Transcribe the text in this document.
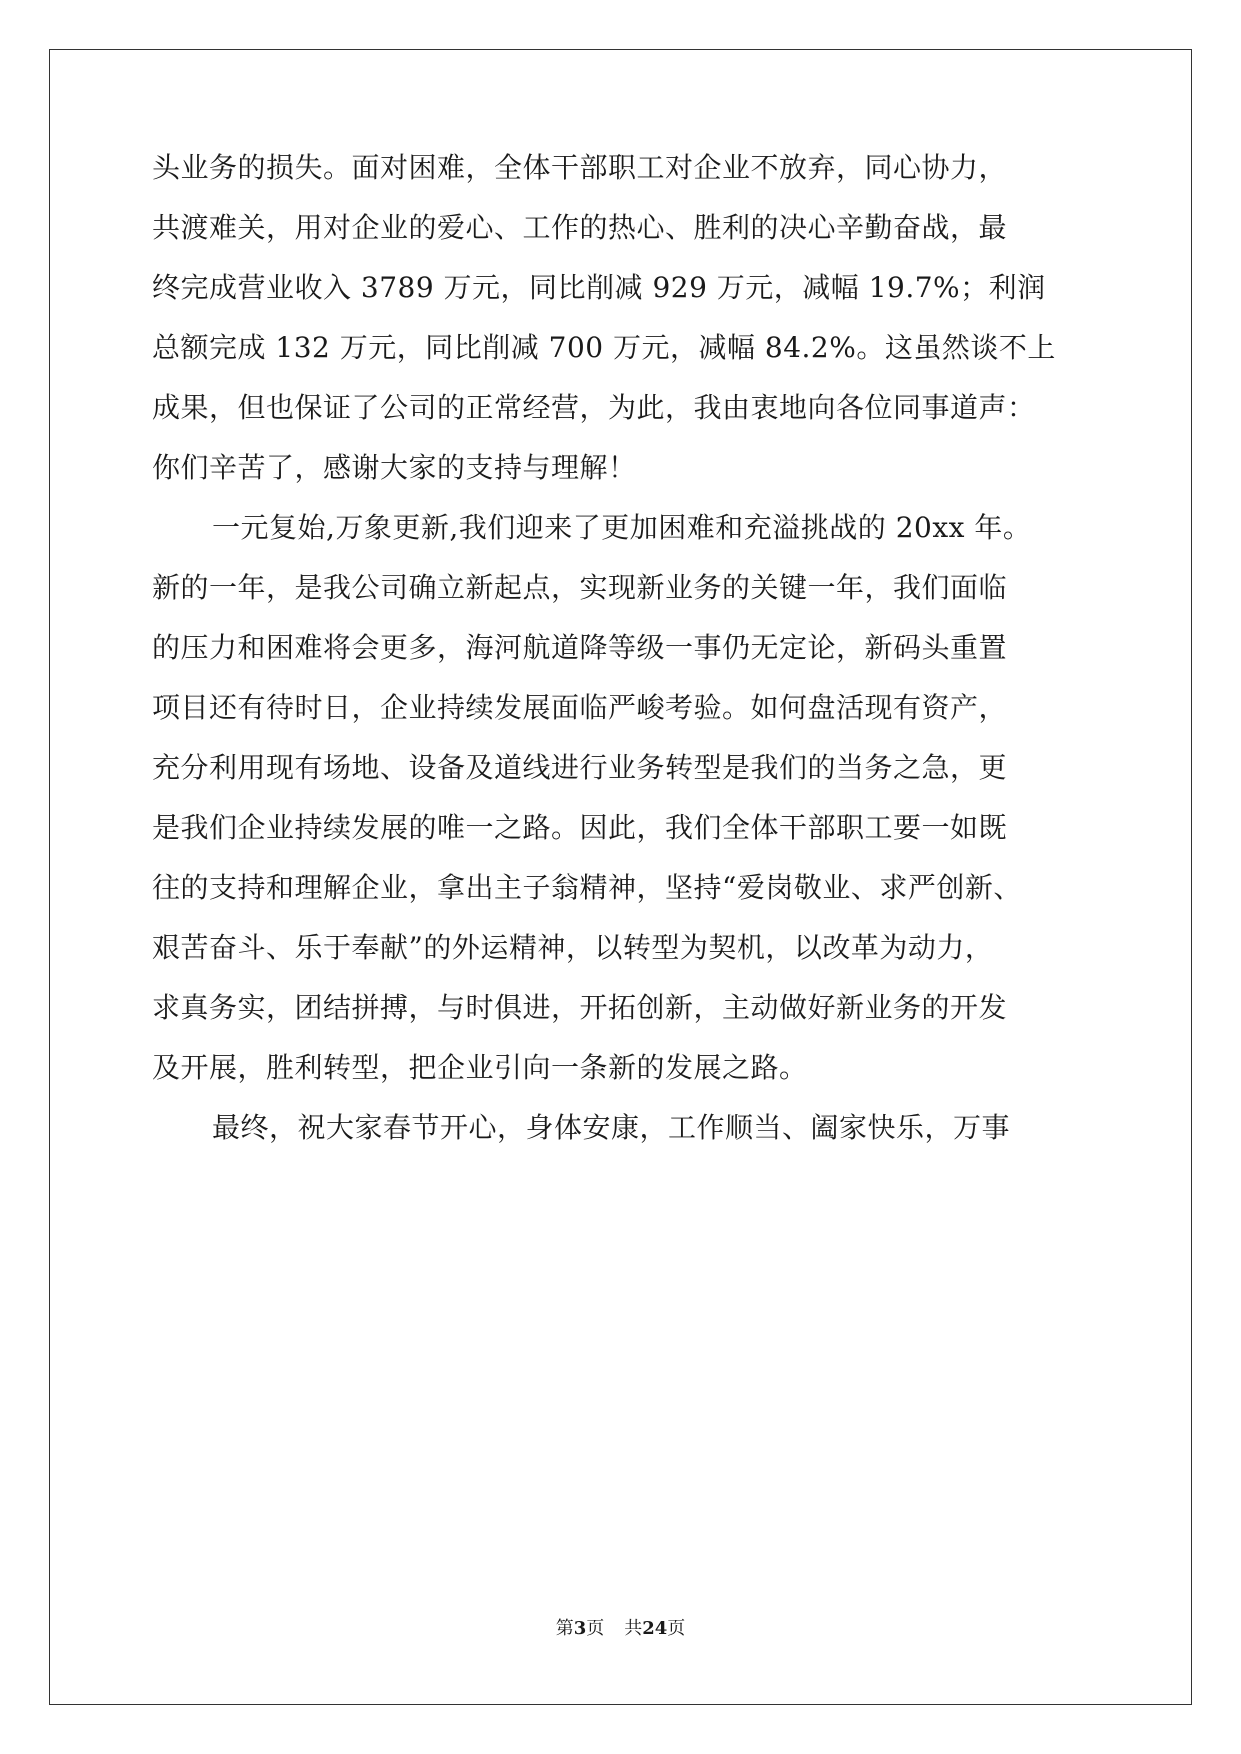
头业务的损失。面对困难，全体干部职工对企业不放弃，同心协力，
共渡难关，用对企业的爱心、工作的热心、胜利的决心辛勤奋战，最
终完成营业收入 3789 万元，同比削减 929 万元，减幅 19.7%；利润
总额完成 132 万元，同比削减 700 万元，减幅 84.2%。这虽然谈不上
成果，但也保证了公司的正常经营，为此，我由衷地向各位同事道声：
你们辛苦了，感谢大家的支持与理解！
一元复始,万象更新,我们迎来了更加困难和充溢挑战的 20xx 年。
新的一年，是我公司确立新起点，实现新业务的关键一年，我们面临
的压力和困难将会更多，海河航道降等级一事仍无定论，新码头重置
项目还有待时日，企业持续发展面临严峻考验。如何盘活现有资产，
充分利用现有场地、设备及道线进行业务转型是我们的当务之急，更
是我们企业持续发展的唯一之路。因此，我们全体干部职工要一如既
往的支持和理解企业，拿出主子翁精神，坚持“爱岗敬业、求严创新、
艰苦奋斗、乐于奉献”的外运精神，以转型为契机，以改革为动力，
求真务实，团结拼搏，与时俱进，开拓创新，主动做好新业务的开发
及开展，胜利转型，把企业引向一条新的发展之路。
最终，祝大家春节开心，身体安康，工作顺当、阖家快乐，万事
第3页 共24页
